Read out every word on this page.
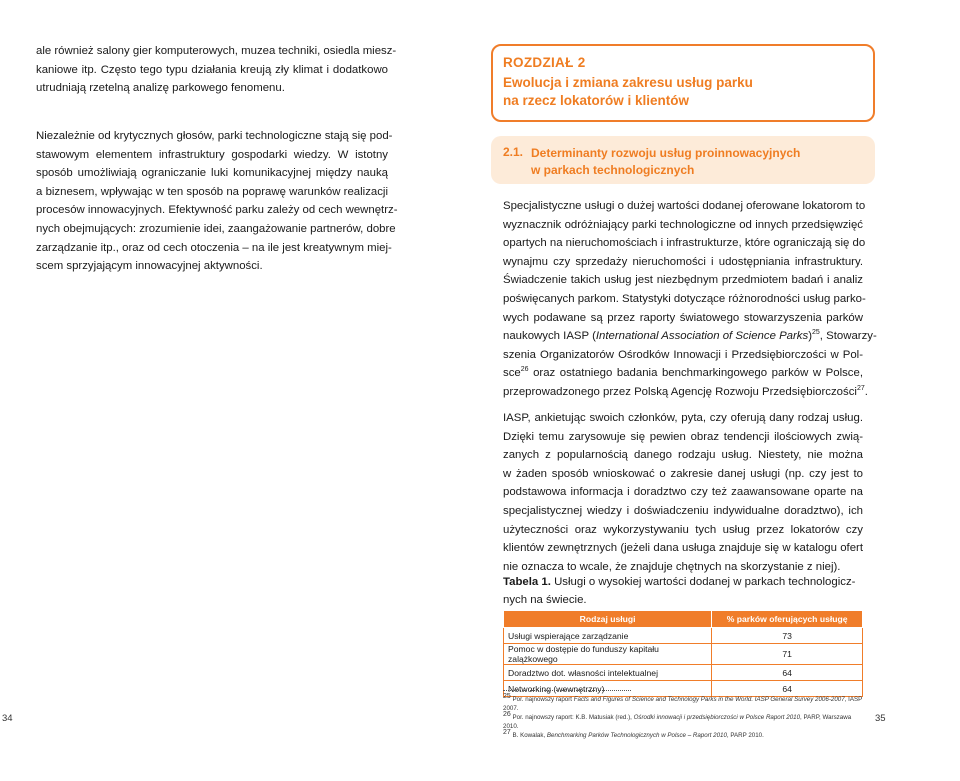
ale również salony gier komputerowych, muzea techniki, osiedla miesz-
kaniowe itp. Często tego typu działania kreują zły klimat i dodatkowo
utrudniają rzetelną analizę parkowego fenomenu.
Niezależnie od krytycznych głosów, parki technologiczne stają się pod-
stawowym elementem infrastruktury gospodarki wiedzy. W istotny
sposób umożliwiają ograniczanie luki komunikacyjnej między nauką
a biznesem, wpływając w ten sposób na poprawę warunków realizacji
procesów innowacyjnych. Efektywność parku zależy od cech wewnętrz-
nych obejmujących: zrozumienie idei, zaangażowanie partnerów, dobre
zarządzanie itp., oraz od cech otoczenia – na ile jest kreatywnym miej-
scem sprzyjającym innowacyjnej aktywności.
34
ROZDZIAŁ 2
Ewolucja i zmiana zakresu usług parku
na rzecz lokatorów i klientów
2.1. Determinanty rozwoju usług proinnowacyjnych
w parkach technologicznych
Specjalistyczne usługi o dużej wartości dodanej oferowane lokatorom to
wyznacznik odróżniający parki technologiczne od innych przedsięwzięć
opartych na nieruchomościach i infrastrukturze, które ograniczają się do
wynajmu czy sprzedaży nieruchomości i udostępniania infrastruktury.
Świadczenie takich usług jest niezbędnym przedmiotem badań i analiz
poświęcanych parkom. Statystyki dotyczące różnorodności usług parko-
wych podawane są przez raporty światowego stowarzyszenia parków
naukowych IASP (International Association of Science Parks)$^{25}$, Stowarzy-
szenia Organizatorów Ośrodków Innowacji i Przedsiębiorczości w Pol-
sce$^{26}$ oraz ostatniego badania benchmarkingowego parków w Polsce,
przeprowadzonego przez Polską Agencję Rozwoju Przedsiębiorczości$^{27}$.
IASP, ankietując swoich członków, pyta, czy oferują dany rodzaj usług.
Dzięki temu zarysowuje się pewien obraz tendencji ilościowych zwią-
zanych z popularnością danego rodzaju usług. Niestety, nie można
w żaden sposób wnioskować o zakresie danej usługi (np. czy jest to
podstawowa informacja i doradztwo czy też zaawansowane oparte na
specjalistycznej wiedzy i doświadczeniu indywidualne doradztwo), ich
użyteczności oraz wykorzystywaniu tych usług przez lokatorów czy
klientów zewnętrznych (jeżeli dana usługa znajduje się w katalogu ofert
nie oznacza to wcale, że znajduje chętnych na skorzystanie z niej).
Tabela 1. Usługi o wysokiej wartości dodanej w parkach technologicz-
nych na świecie.
Rodzaj usługi	% parków oferujących usługę
Usługi wspierające zarządzanie	73
Pomoc w dostępie do funduszy kapitału zalążkowego	71
Doradztwo dot. własności intelektualnej	64
Networking (wewnętrzny)	64
$^{25}$ Por. najnowszy raport Facts and Figures of Science and Technology Parks in the World. IASP General Survey 2006-2007, IASP 2007.
$^{26}$ Por. najnowszy raport: K.B. Matusiak (red.), Ośrodki innowacji i przedsiębiorczości w Polsce Raport 2010, PARP, Warszawa 2010.
$^{27}$ B. Kowalak, Benchmarking Parków Technologicznych w Polsce – Raport 2010, PARP 2010.
35
